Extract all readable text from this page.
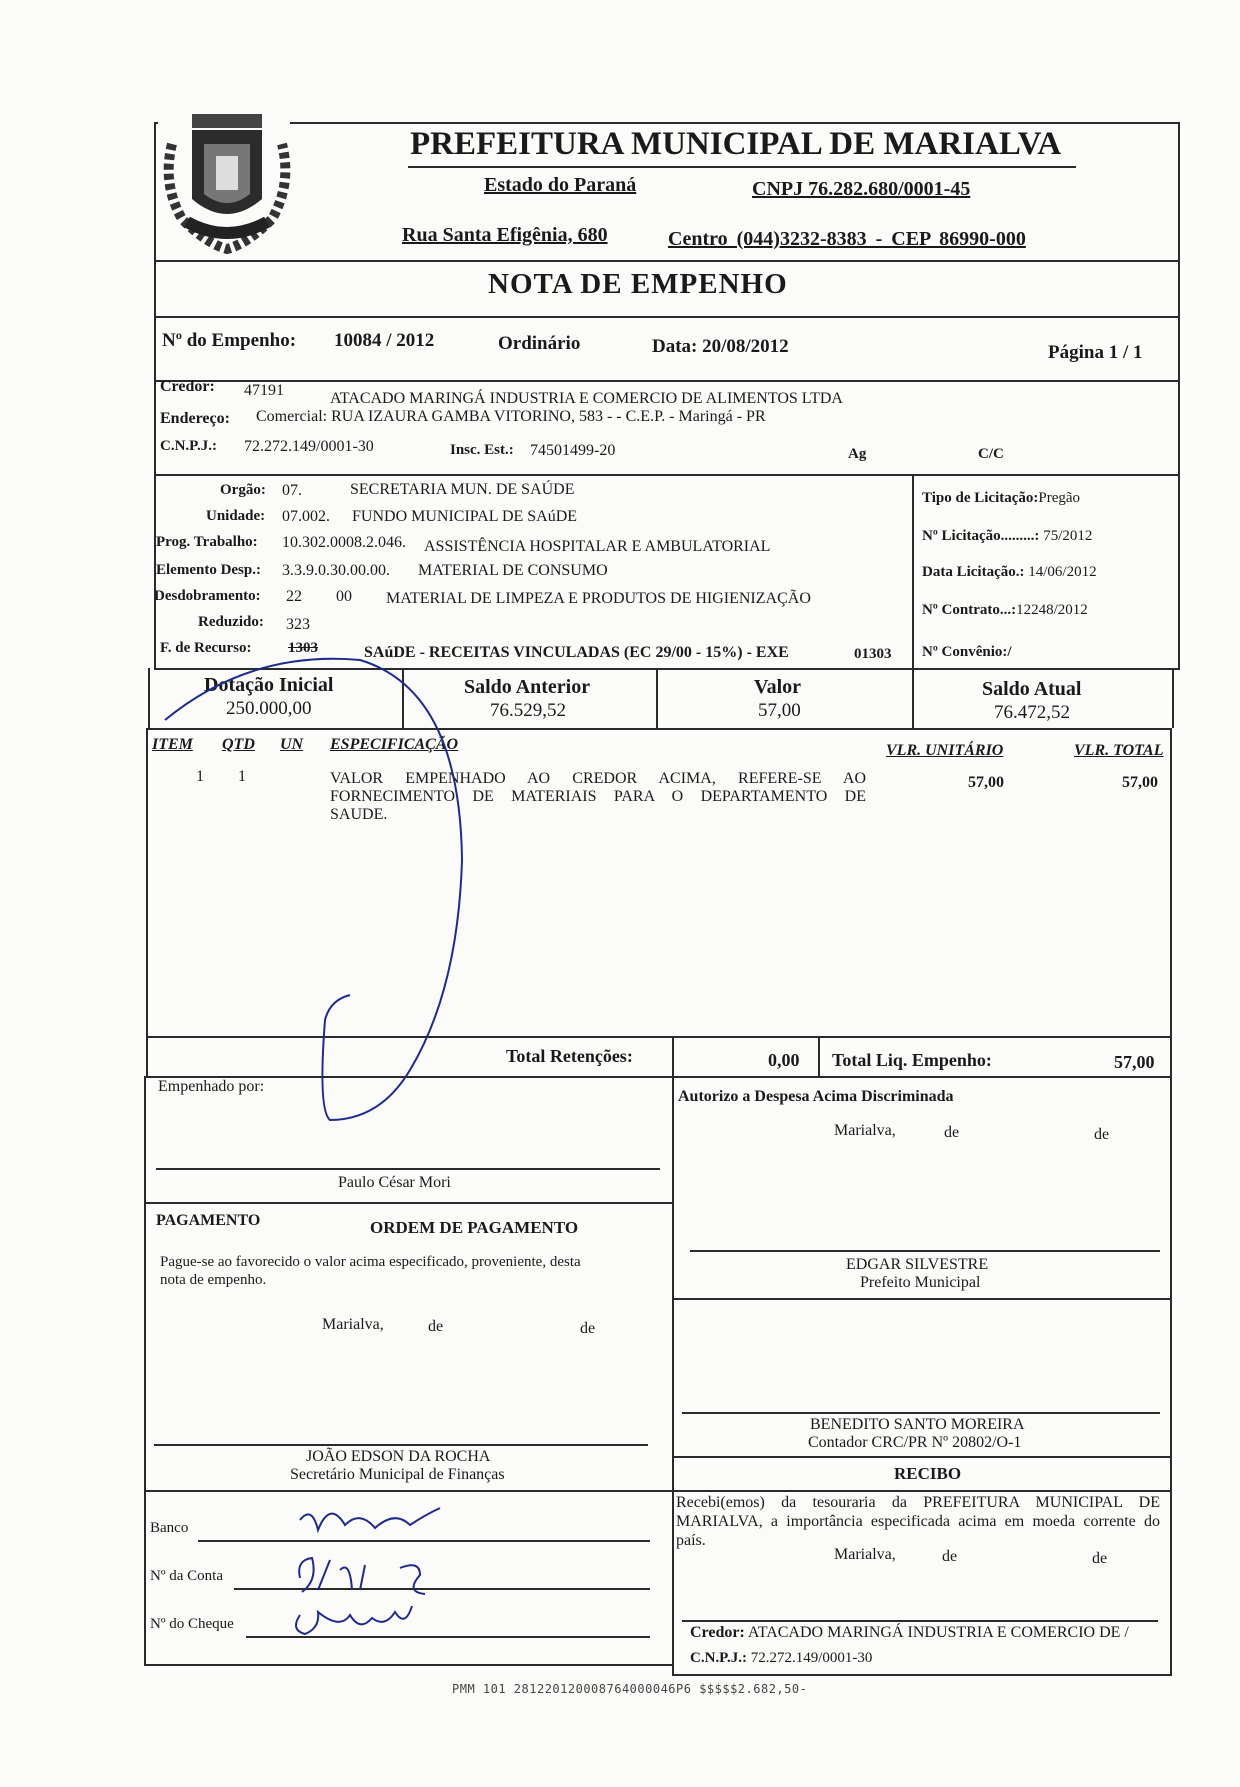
PREFEITURA MUNICIPAL DE MARIALVA
Estado do Paraná	CNPJ 76.282.680/0001-45
Rua Santa Efigênia, 680	Centro (044)3232-8383 - CEP 86990-000
NOTA DE EMPENHO
Nº do Empenho: 10084 / 2012	Ordinário	Data: 20/08/2012	Página 1 / 1
Credor: 47191	ATACADO MARINGÁ INDUSTRIA E COMERCIO DE ALIMENTOS LTDA
Endereço: Comercial: RUA IZAURA GAMBA VITORINO, 583 - - C.E.P. - Maringá - PR
C.N.P.J.: 72.272.149/0001-30	Insc. Est.: 74501499-20	Ag	C/C
Orgão: 07.	SECRETARIA MUN. DE SAÚDE
Unidade: 07.002. FUNDO MUNICIPAL DE SAúDE
Prog. Trabalho: 10.302.0008.2.046. ASSISTÊNCIA HOSPITALAR E AMBULATORIAL
Elemento Desp.: 3.3.9.0.30.00.00. MATERIAL DE CONSUMO
Desdobramento: 22 00 MATERIAL DE LIMPEZA E PRODUTOS DE HIGIENIZAÇÃO
Reduzido: 323
F. de Recurso: 1303	SAúDE - RECEITAS VINCULADAS (EC 29/00 - 15%) - EXE	01303
Tipo de Licitação:Pregão
Nº Licitação.........: 75/2012
Data Licitação.: 14/06/2012
Nº Contrato...:12248/2012
Nº Convênio:/
Dotação Inicial
250.000,00
Saldo Anterior
76.529,52
Valor
57,00
Saldo Atual
76.472,52
ITEM QTD UN ESPECIFICAÇÃO	VLR. UNITÁRIO	VLR. TOTAL
1 1	VALOR EMPENHADO AO CREDOR ACIMA, REFERE-SE AO
FORNECIMENTO DE MATERIAIS PARA O DEPARTAMENTO DE
SAUDE.
57,00	57,00
Total Retenções:	0,00 Total Liq. Empenho:	57,00
Empenhado por:
Paulo César Mori
Autorizo a Despesa Acima Discriminada
Marialva,	de	de
EDGAR SILVESTRE
Prefeito Municipal
PAGAMENTO	ORDEM DE PAGAMENTO
Pague-se ao favorecido o valor acima especificado, proveniente, desta
nota de empenho.
Marialva,	de	de
JOÃO EDSON DA ROCHA
Secretário Municipal de Finanças
BENEDITO SANTO MOREIRA
Contador CRC/PR Nº 20802/O-1
RECIBO
Recebi(emos) da tesouraria da PREFEITURA MUNICIPAL DE
MARIALVA, a importância especificada acima em moeda corrente do
país.
Marialva,	de	de
Banco
Nº da Conta
Nº do Cheque	Credor: ATACADO MARINGÁ INDUSTRIA E COMERCIO DE /
C.N.P.J.: 72.272.149/0001-30
PMM 101 281220120008764000046P6 $$$$$2.682,50-
